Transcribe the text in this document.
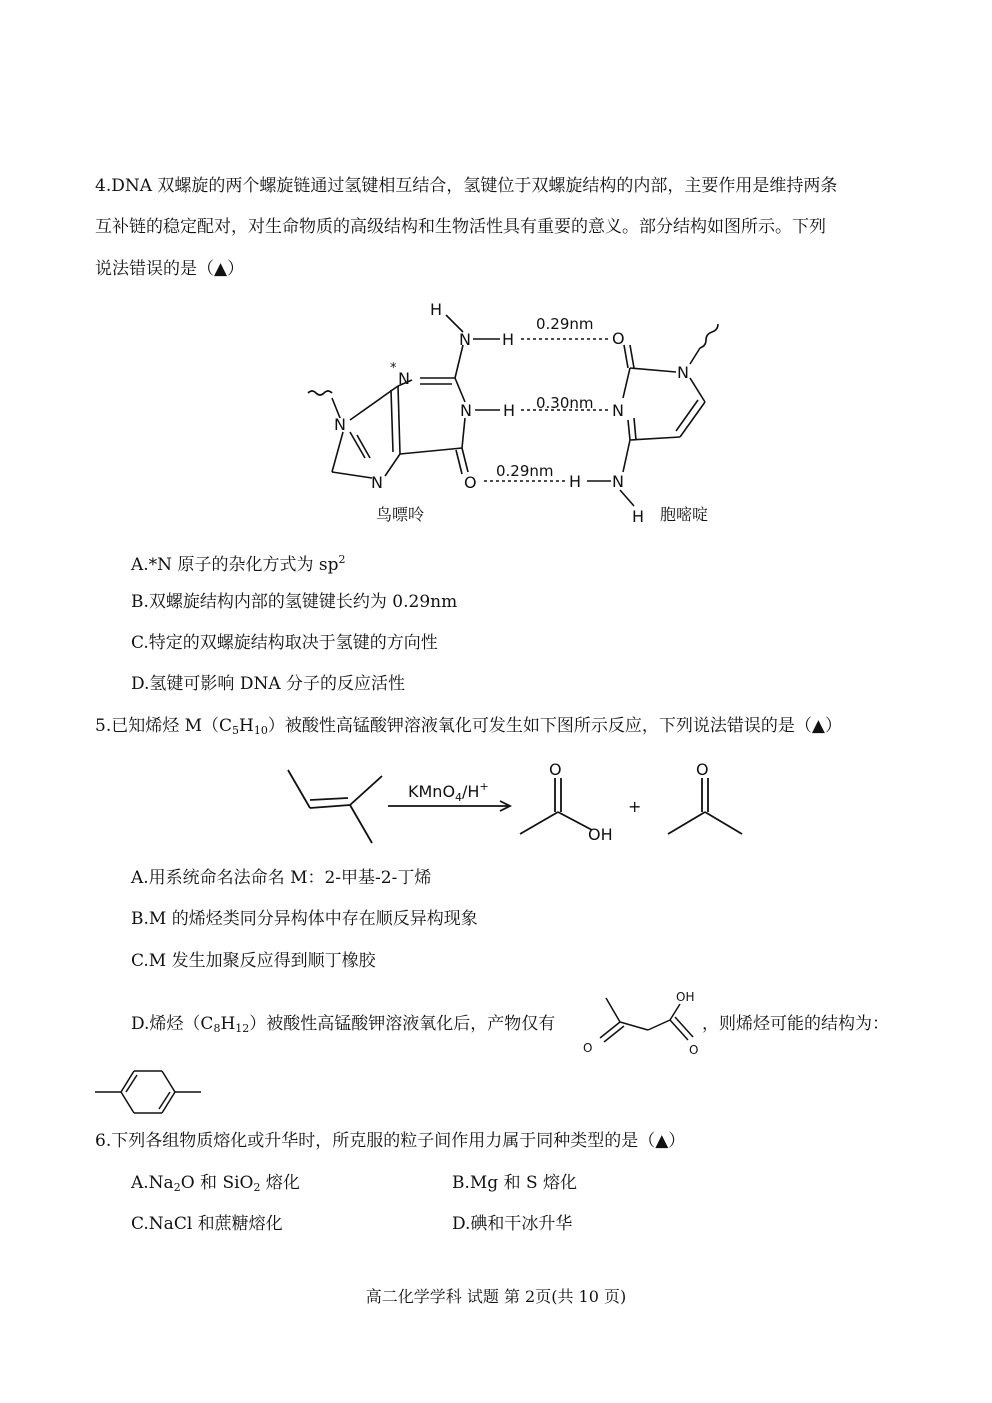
4.DNA 双螺旋的两个螺旋链通过氢键相互结合，氢键位于双螺旋结构的内部，主要作用是维持两条
互补链的稳定配对，对生命物质的高级结构和生物活性具有重要的意义。部分结构如图所示。下列
说法错误的是（▲）
H
N H
N
*
N
N H
N	O
0.29nm
0.30nm
0.29nm
O
N
N
H N
H
鸟嘌呤	胞嘧啶
KMnO$_4$/H+
O
OH
+
O
OH
O	O
A.*N 原子的杂化方式为 $sp^2$
B.双螺旋结构内部的氢键键长约为 0.29nm
C.特定的双螺旋结构取决于氢键的方向性
D.氢键可影响 DNA 分子的反应活性
5.已知烯烃 $M(C_5H_{10})$被酸性高锰酸钾溶液氧化可发生如下图所示反应，下列说法错误的是（▲）
A.用系统命名法命名 M：2-甲基-2-丁烯
B.M 的烯烃类同分异构体中存在顺反异构现象
C.M 发生加聚反应得到顺丁橡胶
D.烯烃$(C_8H_{12})$被酸性高锰酸钾溶液氧化后，产物仅有	，则烯烃可能的结构为：
6.下列各组物质熔化或升华时，所克服的粒子间作用力属于同种类型的是（▲）
$A.Na_2O$ 和 SiO$_2$ 熔化	B.Mg 和 S 熔化
C.NaCl 和蔗糖熔化	D.碘和干冰升华
高二化学学科 试题 第 2页(共 10 页)
